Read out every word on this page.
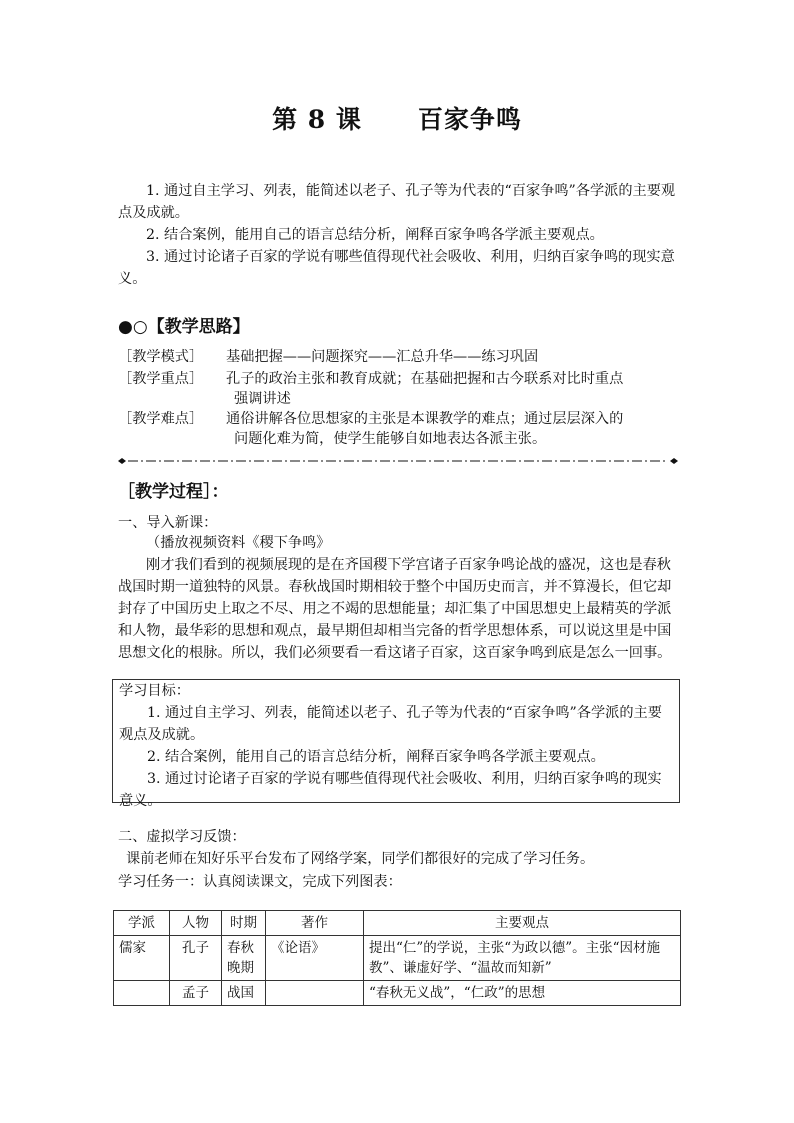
第 8 课 百家争鸣
1. 通过自主学习、列表，能简述以老子、孔子等为代表的“百家争鸣”各学派的主要观点及成就。
2. 结合案例，能用自己的语言总结分析，阐释百家争鸣各学派主要观点。
3. 通过讨论诸子百家的学说有哪些值得现代社会吸收、利用，归纳百家争鸣的现实意义。
●○【教学思路】
［教学模式］ 基础把握——问题探究——汇总升华——练习巩固
［教学重点］ 孔子的政治主张和教育成就；在基础把握和古今联系对比时重点
强调讲述
［教学难点］ 通俗讲解各位思想家的主张是本课教学的难点；通过层层深入的
问题化难为简，使学生能够自如地表达各派主张。
［教学过程］：
一、导入新课：
（播放视频资料《稷下争鸣》
刚才我们看到的视频展现的是在齐国稷下学宫诸子百家争鸣论战的盛况，这也是春秋战国时期一道独特的风景。春秋战国时期相较于整个中国历史而言，并不算漫长，但它却封存了中国历史上取之不尽、用之不竭的思想能量；却汇集了中国思想史上最精英的学派和人物，最华彩的思想和观点，最早期但却相当完备的哲学思想体系，可以说这里是中国思想文化的根脉。所以，我们必须要看一看这诸子百家，这百家争鸣到底是怎么一回事。
学习目标：
1. 通过自主学习、列表，能简述以老子、孔子等为代表的“百家争鸣”各学派的主要观点及成就。
2. 结合案例，能用自己的语言总结分析，阐释百家争鸣各学派主要观点。
3. 通过讨论诸子百家的学说有哪些值得现代社会吸收、利用，归纳百家争鸣的现实意义。
二、虚拟学习反馈：
课前老师在知好乐平台发布了网络学案，同学们都很好的完成了学习任务。
学习任务一：认真阅读课文，完成下列图表：
学派	人物	时期	著作	主要观点
儒家	孔子	春秋晚期	《论语》	提出“仁”的学说，主张“为政以德”。主张“因材施教”、谦虚好学、“温故而知新”
	孟子	战国		“春秋无义战”，“仁政”的思想
